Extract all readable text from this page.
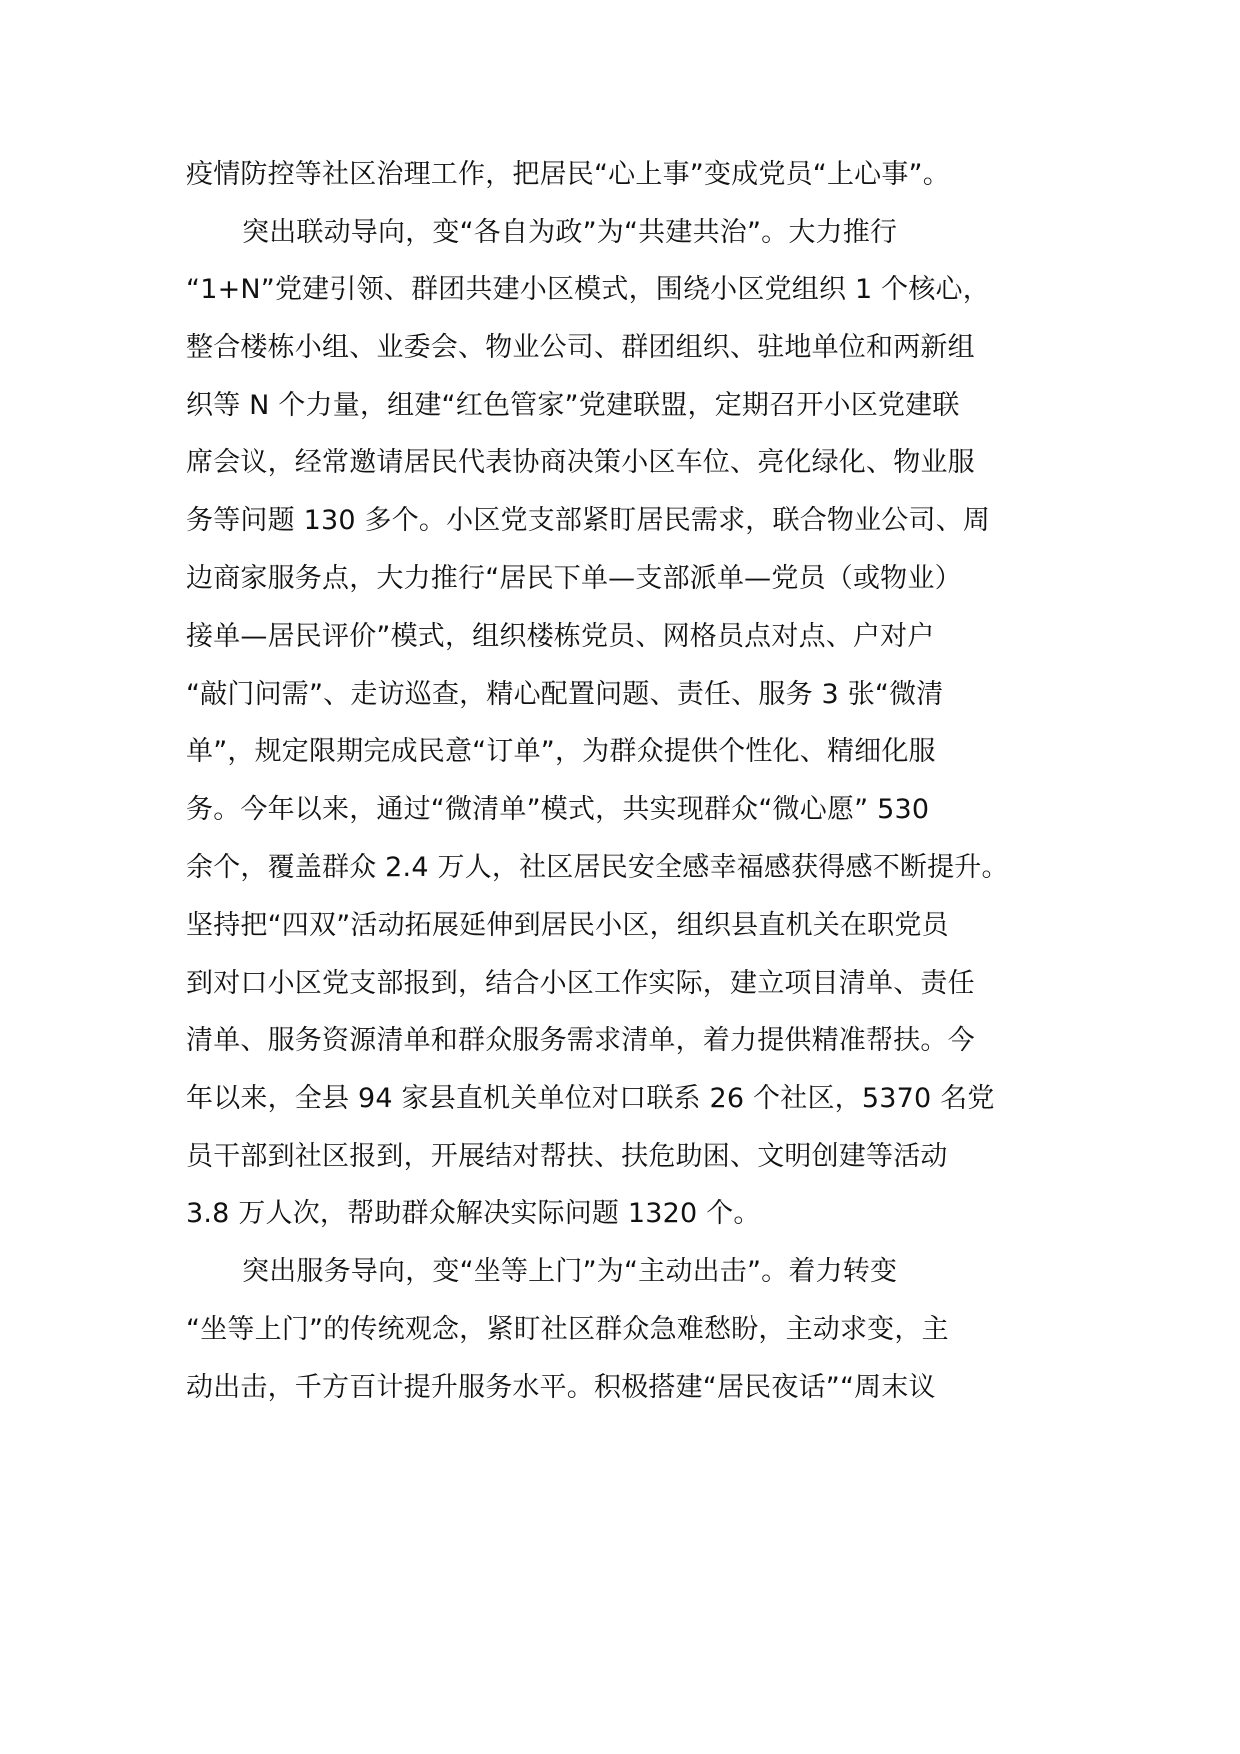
疫情防控等社区治理工作，把居民“心上事”变成党员“上心事”。
突出联动导向，变“各自为政”为“共建共治”。大力推行
“1+N”党建引领、群团共建小区模式，围绕小区党组织 1 个核心，
整合楼栋小组、业委会、物业公司、群团组织、驻地单位和两新组
织等 N 个力量，组建“红色管家”党建联盟，定期召开小区党建联
席会议，经常邀请居民代表协商决策小区车位、亮化绿化、物业服
务等问题 130 多个。小区党支部紧盯居民需求，联合物业公司、周
边商家服务点，大力推行“居民下单—支部派单—党员（或物业）
接单—居民评价”模式，组织楼栋党员、网格员点对点、户对户
“敲门问需”、走访巡查，精心配置问题、责任、服务 3 张“微清
单”，规定限期完成民意“订单”，为群众提供个性化、精细化服
务。今年以来，通过“微清单”模式，共实现群众“微心愿” 530
余个，覆盖群众 2.4 万人，社区居民安全感幸福感获得感不断提升。
坚持把“四双”活动拓展延伸到居民小区，组织县直机关在职党员
到对口小区党支部报到，结合小区工作实际，建立项目清单、责任
清单、服务资源清单和群众服务需求清单，着力提供精准帮扶。今
年以来，全县 94 家县直机关单位对口联系 26 个社区，5370 名党
员干部到社区报到，开展结对帮扶、扶危助困、文明创建等活动
3.8 万人次，帮助群众解决实际问题 1320 个。
突出服务导向，变“坐等上门”为“主动出击”。着力转变
“坐等上门”的传统观念，紧盯社区群众急难愁盼，主动求变，主
动出击，千方百计提升服务水平。积极搭建“居民夜话”“周末议
